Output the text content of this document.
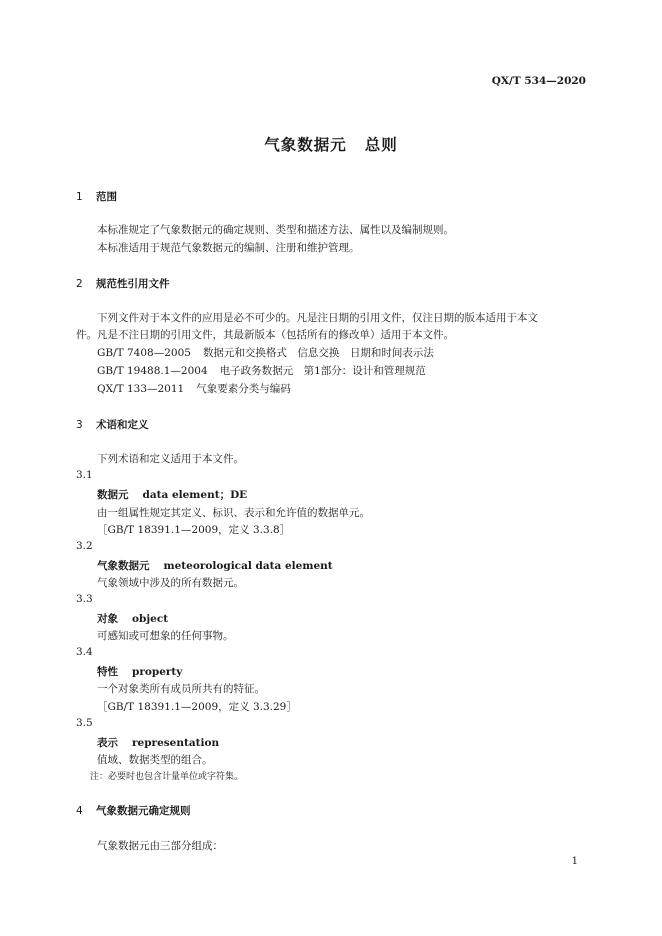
QX/T 534—2020
气象数据元 总则
1 范围
本标准规定了气象数据元的确定规则、类型和描述方法、属性以及编制规则。
本标准适用于规范气象数据元的编制、注册和维护管理。
2 规范性引用文件
下列文件对于本文件的应用是必不可少的。凡是注日期的引用文件，仅注日期的版本适用于本文
件。凡是不注日期的引用文件，其最新版本（包括所有的修改单）适用于本文件。
GB/T 7408—2005 数据元和交换格式　信息交换　日期和时间表示法
GB/T 19488.1—2004 电子政务数据元　第1部分：设计和管理规范
QX/T 133—2011 气象要素分类与编码
3 术语和定义
下列术语和定义适用于本文件。
3.1
数据元 data element；DE
由一组属性规定其定义、标识、表示和允许值的数据单元。
［GB/T 18391.1—2009，定义 3.3.8］
3.2
气象数据元 meteorological data element
气象领域中涉及的所有数据元。
3.3
对象 object
可感知或可想象的任何事物。
3.4
特性 property
一个对象类所有成员所共有的特征。
［GB/T 18391.1—2009，定义 3.3.29］
3.5
表示 representation
值域、数据类型的组合。
注：必要时也包含计量单位或字符集。
4 气象数据元确定规则
气象数据元由三部分组成：
1
